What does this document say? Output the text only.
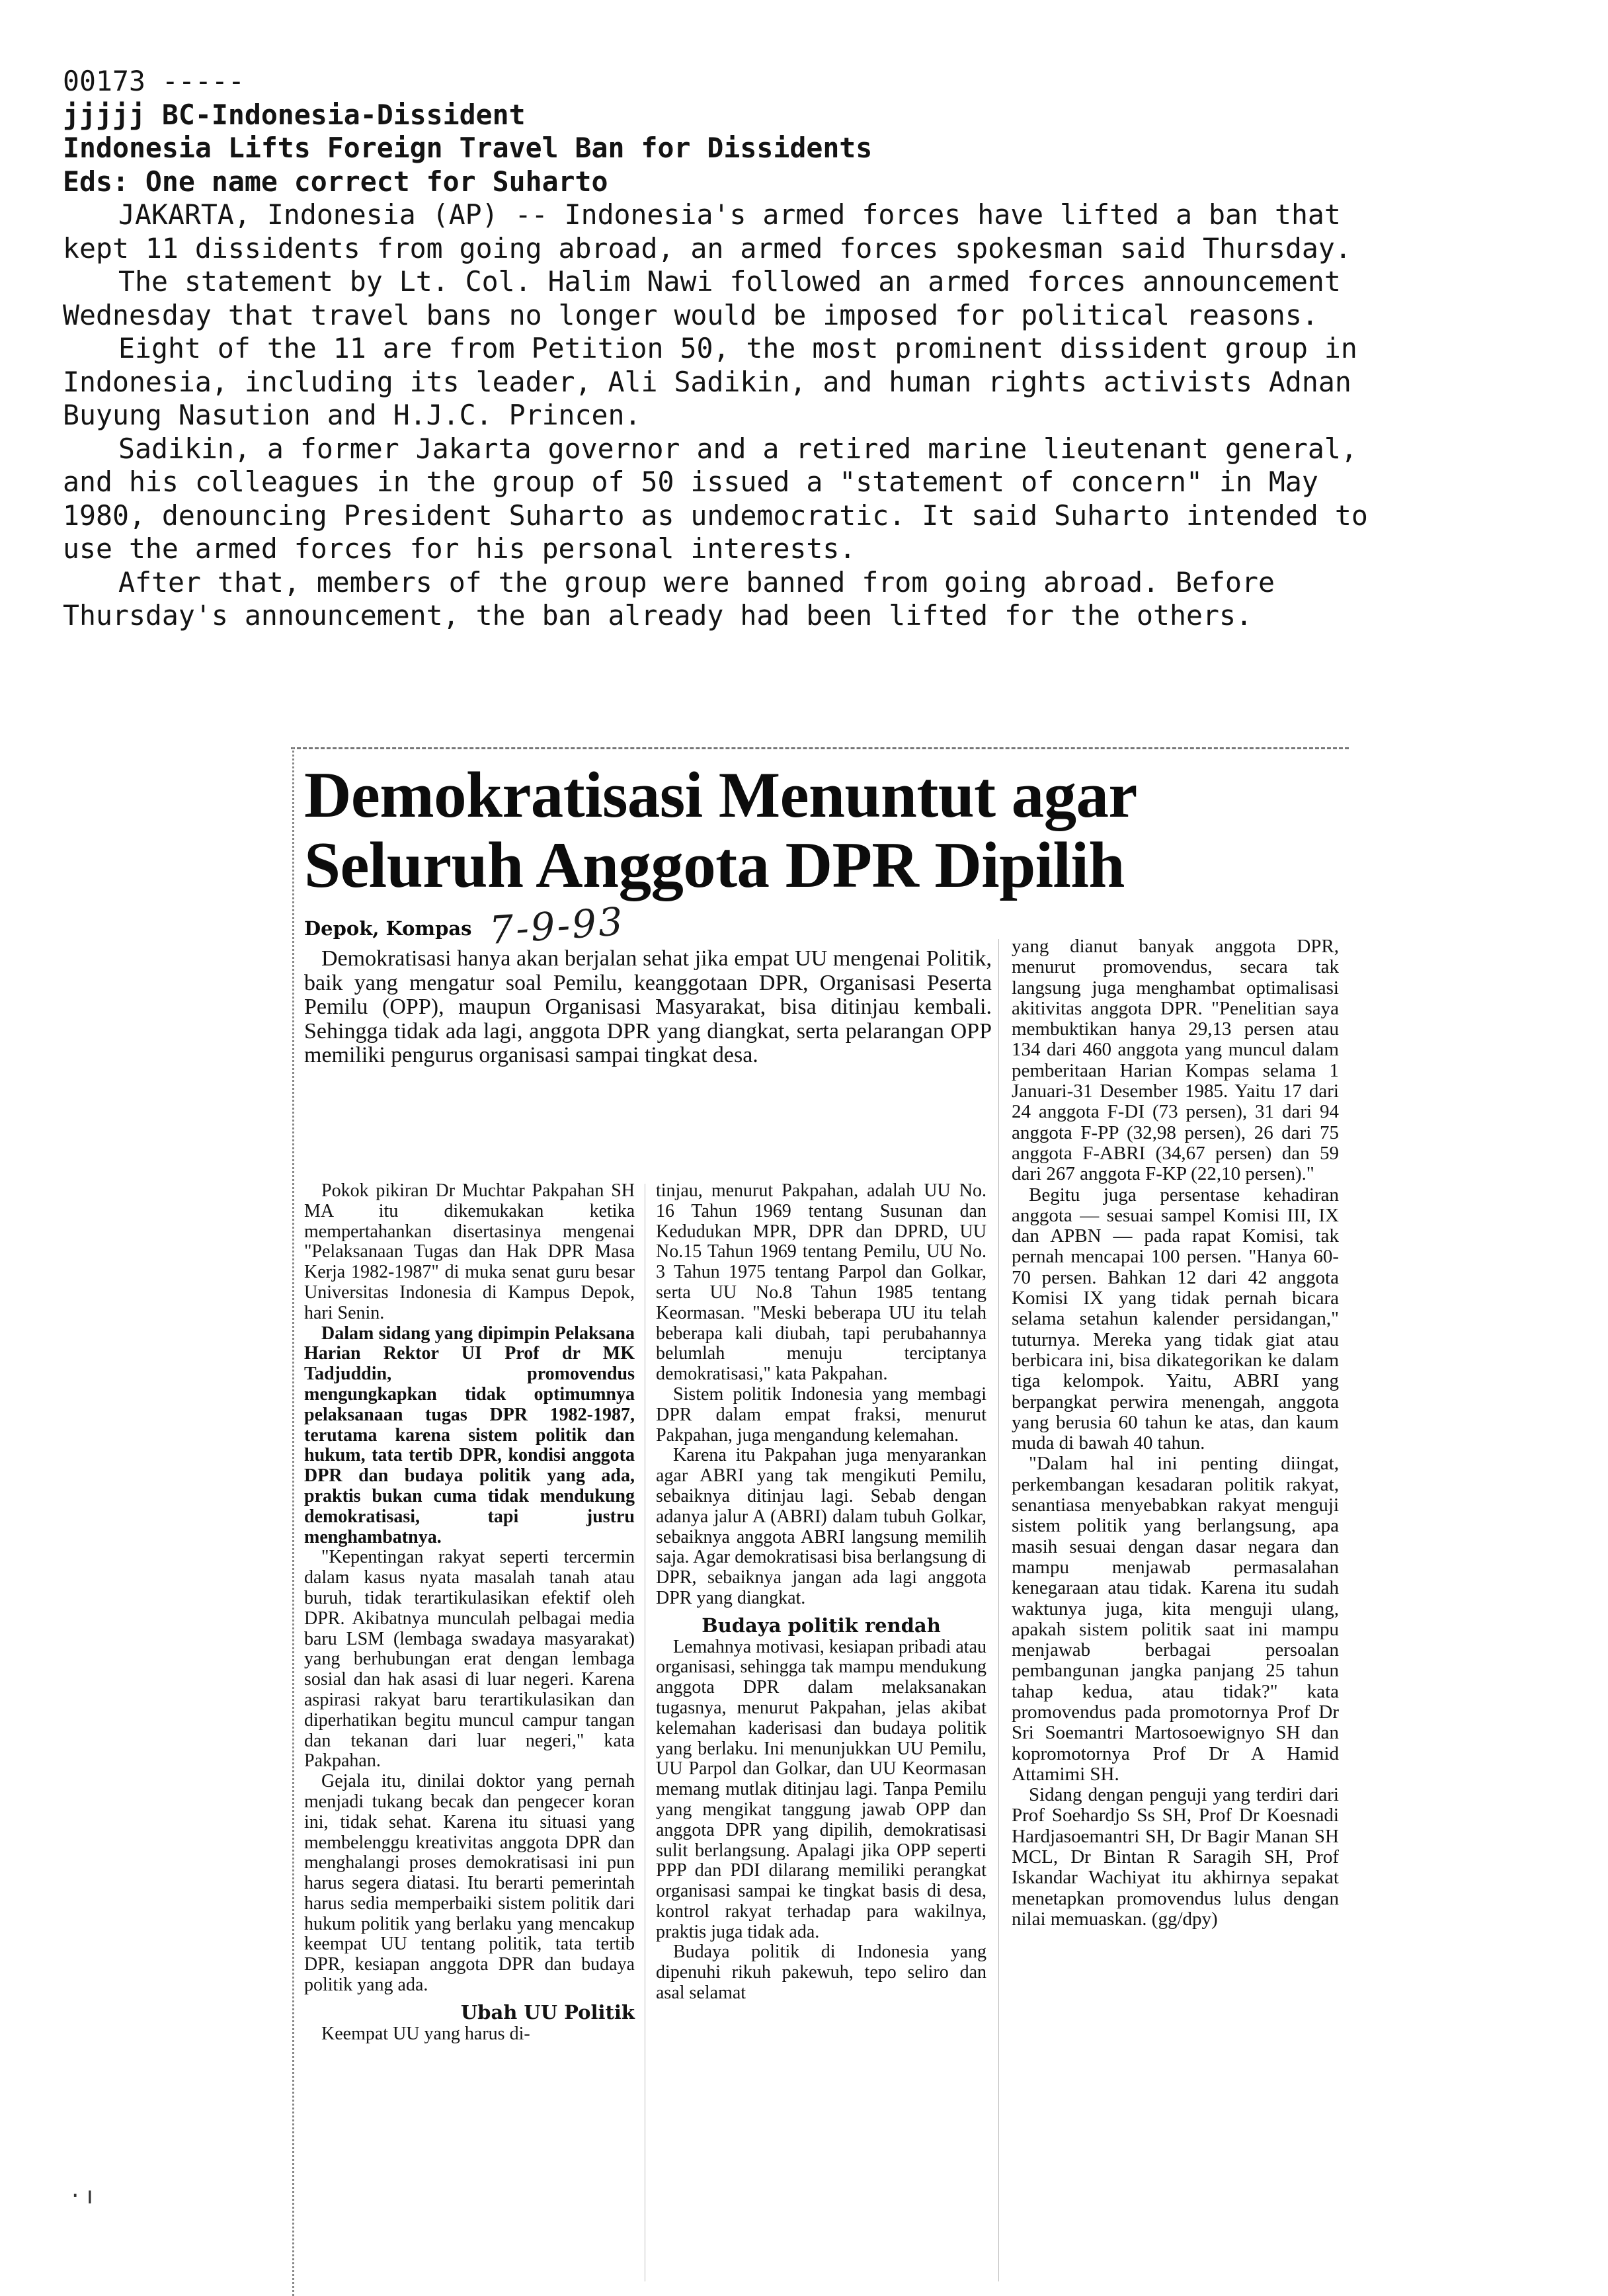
00173 -----
jjjjj BC-Indonesia-Dissident
Indonesia Lifts Foreign Travel Ban for Dissidents
Eds: One name correct for Suharto

JAKARTA, Indonesia (AP) -- Indonesia's armed forces have lifted a ban that kept 11 dissidents from going abroad, an armed forces spokesman said Thursday.

The statement by Lt. Col. Halim Nawi followed an armed forces announcement Wednesday that travel bans no longer would be imposed for political reasons.

Eight of the 11 are from Petition 50, the most prominent dissident group in Indonesia, including its leader, Ali Sadikin, and human rights activists Adnan Buyung Nasution and H.J.C. Princen.

Sadikin, a former Jakarta governor and a retired marine lieutenant general, and his colleagues in the group of 50 issued a "statement of concern" in May 1980, denouncing President Suharto as undemocratic. It said Suharto intended to use the armed forces for his personal interests.

After that, members of the group were banned from going abroad. Before Thursday's announcement, the ban already had been lifted for the others.

Demokratisasi Menuntut agar
Seluruh Anggota DPR Dipilih
Depok, Kompas 7-9-93

Demokratisasi hanya akan berjalan sehat jika empat UU mengenai Politik, baik yang mengatur soal Pemilu, keanggotaan DPR, Organisasi Peserta Pemilu (OPP), maupun Organisasi Masyarakat, bisa ditinjau kembali. Sehingga tidak ada lagi, anggota DPR yang diangkat, serta pelarangan OPP memiliki pengurus organisasi sampai tingkat desa.

Pokok pikiran Dr Muchtar Pakpahan SH MA itu dikemukakan ketika mempertahankan disertasinya mengenai "Pelaksanaan Tugas dan Hak DPR Masa Kerja 1982-1987" di muka senat guru besar Universitas Indonesia di Kampus Depok, hari Senin.

Dalam sidang yang dipimpin Pelaksana Harian Rektor UI Prof dr MK Tadjuddin, promovendus mengungkapkan tidak optimumnya pelaksanaan tugas DPR 1982-1987, terutama karena sistem politik dan hukum, tata tertib DPR, kondisi anggota DPR dan budaya politik yang ada, praktis bukan cuma tidak mendukung demokratisasi, tapi justru menghambatnya.

"Kepentingan rakyat seperti tercermin dalam kasus nyata masalah tanah atau buruh, tidak terartikulasikan efektif oleh DPR. Akibatnya munculah pelbagai media baru LSM (lembaga swadaya masyarakat) yang berhubungan erat dengan lembaga sosial dan hak asasi di luar negeri. Karena aspirasi rakyat baru terartikulasikan dan diperhatikan begitu muncul campur tangan dan tekanan dari luar negeri," kata Pakpahan.

Gejala itu, dinilai doktor yang pernah menjadi tukang becak dan pengecer koran ini, tidak sehat. Karena itu situasi yang membelenggu kreativitas anggota DPR dan menghalangi proses demokratisasi ini pun harus segera diatasi. Itu berarti pemerintah harus sedia memperbaiki sistem politik dari hukum politik yang berlaku yang mencakup keempat UU tentang politik, tata tertib DPR, kesiapan anggota DPR dan budaya politik yang ada.

Ubah UU Politik

Keempat UU yang harus di-

tinjau, menurut Pakpahan, adalah UU No. 16 Tahun 1969 tentang Susunan dan Kedudukan MPR, DPR dan DPRD, UU No.15 Tahun 1969 tentang Pemilu, UU No. 3 Tahun 1975 tentang Parpol dan Golkar, serta UU No.8 Tahun 1985 tentang Keormasan. "Meski beberapa UU itu telah beberapa kali diubah, tapi perubahannya belumlah menuju terciptanya demokratisasi," kata Pakpahan.

Sistem politik Indonesia yang membagi DPR dalam empat fraksi, menurut Pakpahan, juga mengandung kelemahan.

Karena itu Pakpahan juga menyarankan agar ABRI yang tak mengikuti Pemilu, sebaiknya ditinjau lagi. Sebab dengan adanya jalur A (ABRI) dalam tubuh Golkar, sebaiknya anggota ABRI langsung memilih saja. Agar demokratisasi bisa berlangsung di DPR, sebaiknya jangan ada lagi anggota DPR yang diangkat.

Budaya politik rendah

Lemahnya motivasi, kesiapan pribadi atau organisasi, sehingga tak mampu mendukung anggota DPR dalam melaksanakan tugasnya, menurut Pakpahan, jelas akibat kelemahan kaderisasi dan budaya politik yang berlaku. Ini menunjukkan UU Pemilu, UU Parpol dan Golkar, dan UU Keormasan memang mutlak ditinjau lagi. Tanpa Pemilu yang mengikat tanggung jawab OPP dan anggota DPR yang dipilih, demokratisasi sulit berlangsung. Apalagi jika OPP seperti PPP dan PDI dilarang memiliki perangkat organisasi sampai ke tingkat basis di desa, kontrol rakyat terhadap para wakilnya, praktis juga tidak ada.

Budaya politik di Indonesia yang dipenuhi rikuh pakewuh, tepo seliro dan asal selamat

yang dianut banyak anggota DPR, menurut promovendus, secara tak langsung juga menghambat optimalisasi akitivitas anggota DPR. "Penelitian saya membuktikan hanya 29,13 persen atau 134 dari 460 anggota yang muncul dalam pemberitaan Harian Kompas selama 1 Januari-31 Desember 1985. Yaitu 17 dari 24 anggota F-DI (73 persen), 31 dari 94 anggota F-PP (32,98 persen), 26 dari 75 anggota F-ABRI (34,67 persen) dan 59 dari 267 anggota F-KP (22,10 persen)."

Begitu juga persentase kehadiran anggota — sesuai sampel Komisi III, IX dan APBN — pada rapat Komisi, tak pernah mencapai 100 persen. "Hanya 60-70 persen. Bahkan 12 dari 42 anggota Komisi IX yang tidak pernah bicara selama setahun kalender persidangan," tuturnya. Mereka yang tidak giat atau berbicara ini, bisa dikategorikan ke dalam tiga kelompok. Yaitu, ABRI yang berpangkat perwira menengah, anggota yang berusia 60 tahun ke atas, dan kaum muda di bawah 40 tahun.

"Dalam hal ini penting diingat, perkembangan kesadaran politik rakyat, senantiasa menyebabkan rakyat menguji sistem politik yang berlangsung, apa masih sesuai dengan dasar negara dan mampu menjawab permasalahan kenegaraan atau tidak. Karena itu sudah waktunya juga, kita menguji ulang, apakah sistem politik saat ini mampu menjawab berbagai persoalan pembangunan jangka panjang 25 tahun tahap kedua, atau tidak?" kata promovendus pada promotornya Prof Dr Sri Soemantri Martosoewignyo SH dan kopromotornya Prof Dr A Hamid Attamimi SH.

Sidang dengan penguji yang terdiri dari Prof Soehardjo Ss SH, Prof Dr Koesnadi Hardjasoemantri SH, Dr Bagir Manan SH MCL, Dr Bintan R Saragih SH, Prof Iskandar Wachiyat itu akhirnya sepakat menetapkan promovendus lulus dengan nilai memuaskan. (gg/dpy)

· ı
